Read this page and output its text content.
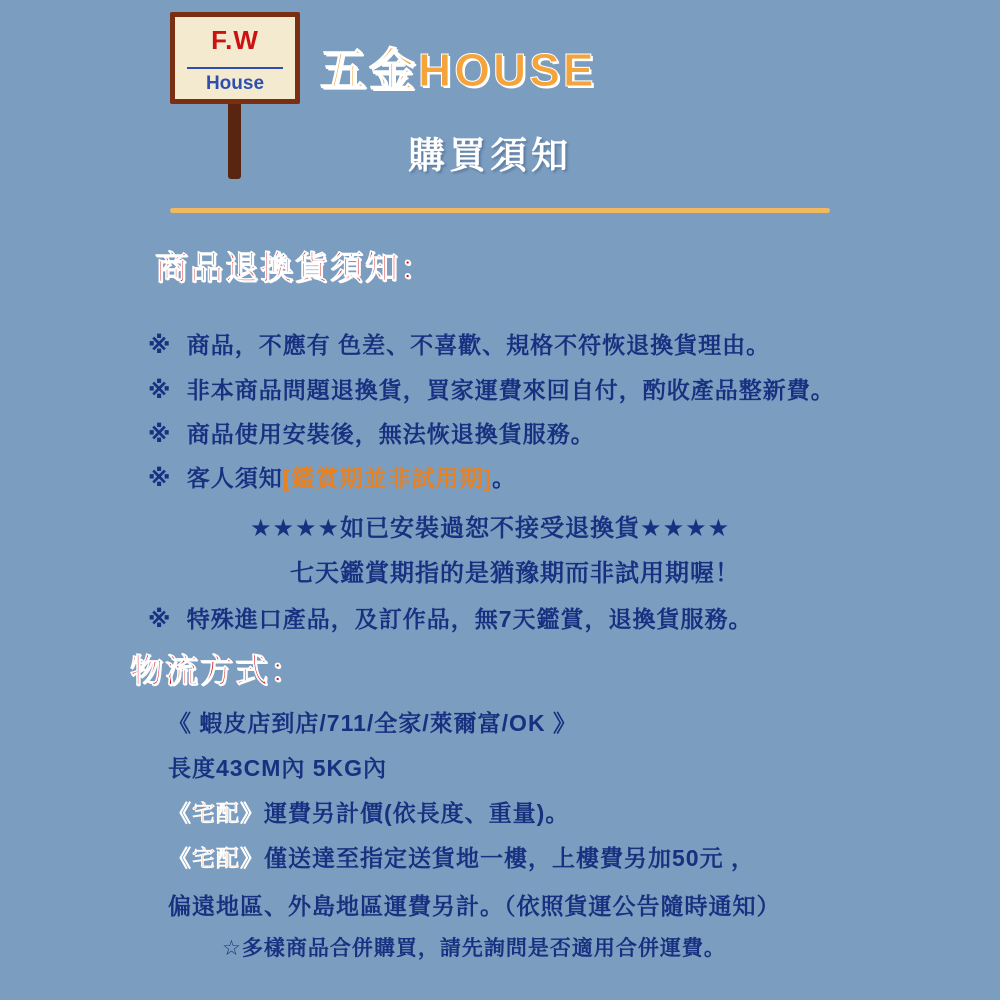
F.W
House	五金HOUSE
購買須知
商品退換貨須知：
※ 商品，不應有 色差、不喜歡、規格不符恢退換貨理由。
※ 非本商品問題退換貨，買家運費來回自付，酌收產品整新費。
※ 商品使用安裝後，無法恢退換貨服務。
※ 客人須知[鑑賞期並非試用期]。
★★★★如已安裝過恕不接受退換貨★★★★
七天鑑賞期指的是猶豫期而非試用期喔！
※ 特殊進口產品，及訂作品，無7天鑑賞，退換貨服務。
物流方式：
《 蝦皮店到店/711/全家/萊爾富/OK 》
長度43CM內 5KG內
《宅配》運費另計價(依長度、重量)。
《宅配》僅送達至指定送貨地一樓，上樓費另加50元 ，
偏遠地區、外島地區運費另計。（依照貨運公告隨時通知）
☆多樣商品合併購買，請先詢問是否適用合併運費。
